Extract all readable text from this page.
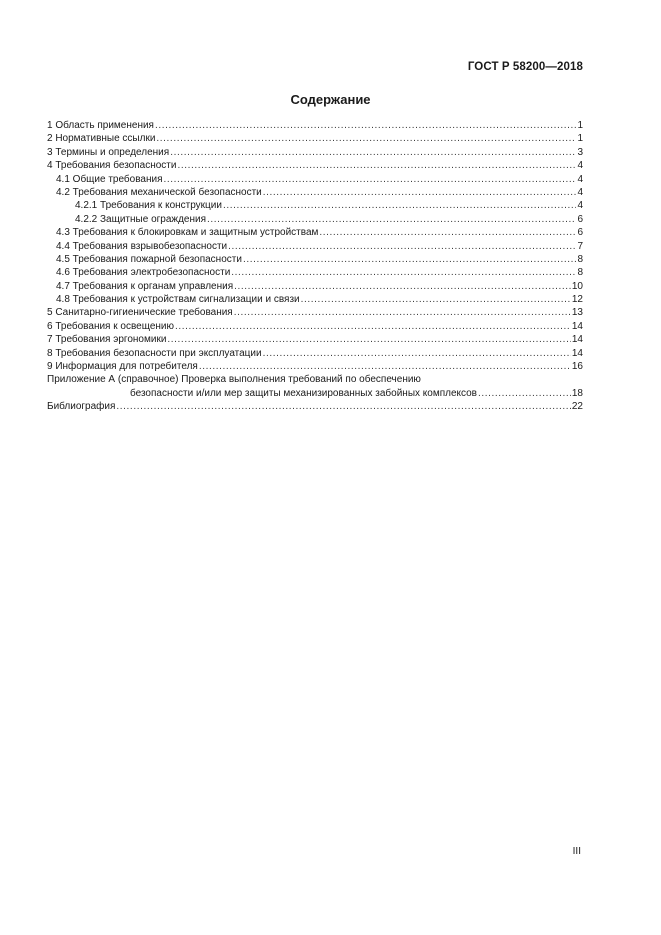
ГОСТ Р 58200—2018
Содержание
1 Область применения .....	1
2 Нормативные ссылки .....	1
3 Термины и определения .....	3
4 Требования безопасности .....	4
4.1 Общие требования .....	4
4.2 Требования механической безопасности .....	4
4.2.1 Требования к конструкции .....	4
4.2.2 Защитные ограждения .....	6
4.3 Требования к блокировкам и защитным устройствам .....	6
4.4 Требования взрывобезопасности .....	7
4.5 Требования пожарной безопасности .....	8
4.6 Требования электробезопасности .....	8
4.7 Требования к органам управления .....	10
4.8 Требования к устройствам сигнализации и связи .....	12
5 Санитарно-гигиенические требования .....	13
6 Требования к освещению .....	14
7 Требования эргономики .....	14
8 Требования безопасности при эксплуатации .....	14
9 Информация для потребителя .....	16
Приложение А (справочное) Проверка выполнения требований по обеспечению
безопасности и/или мер защиты механизированных забойных комплексов .....	18
Библиография .....	22
III
